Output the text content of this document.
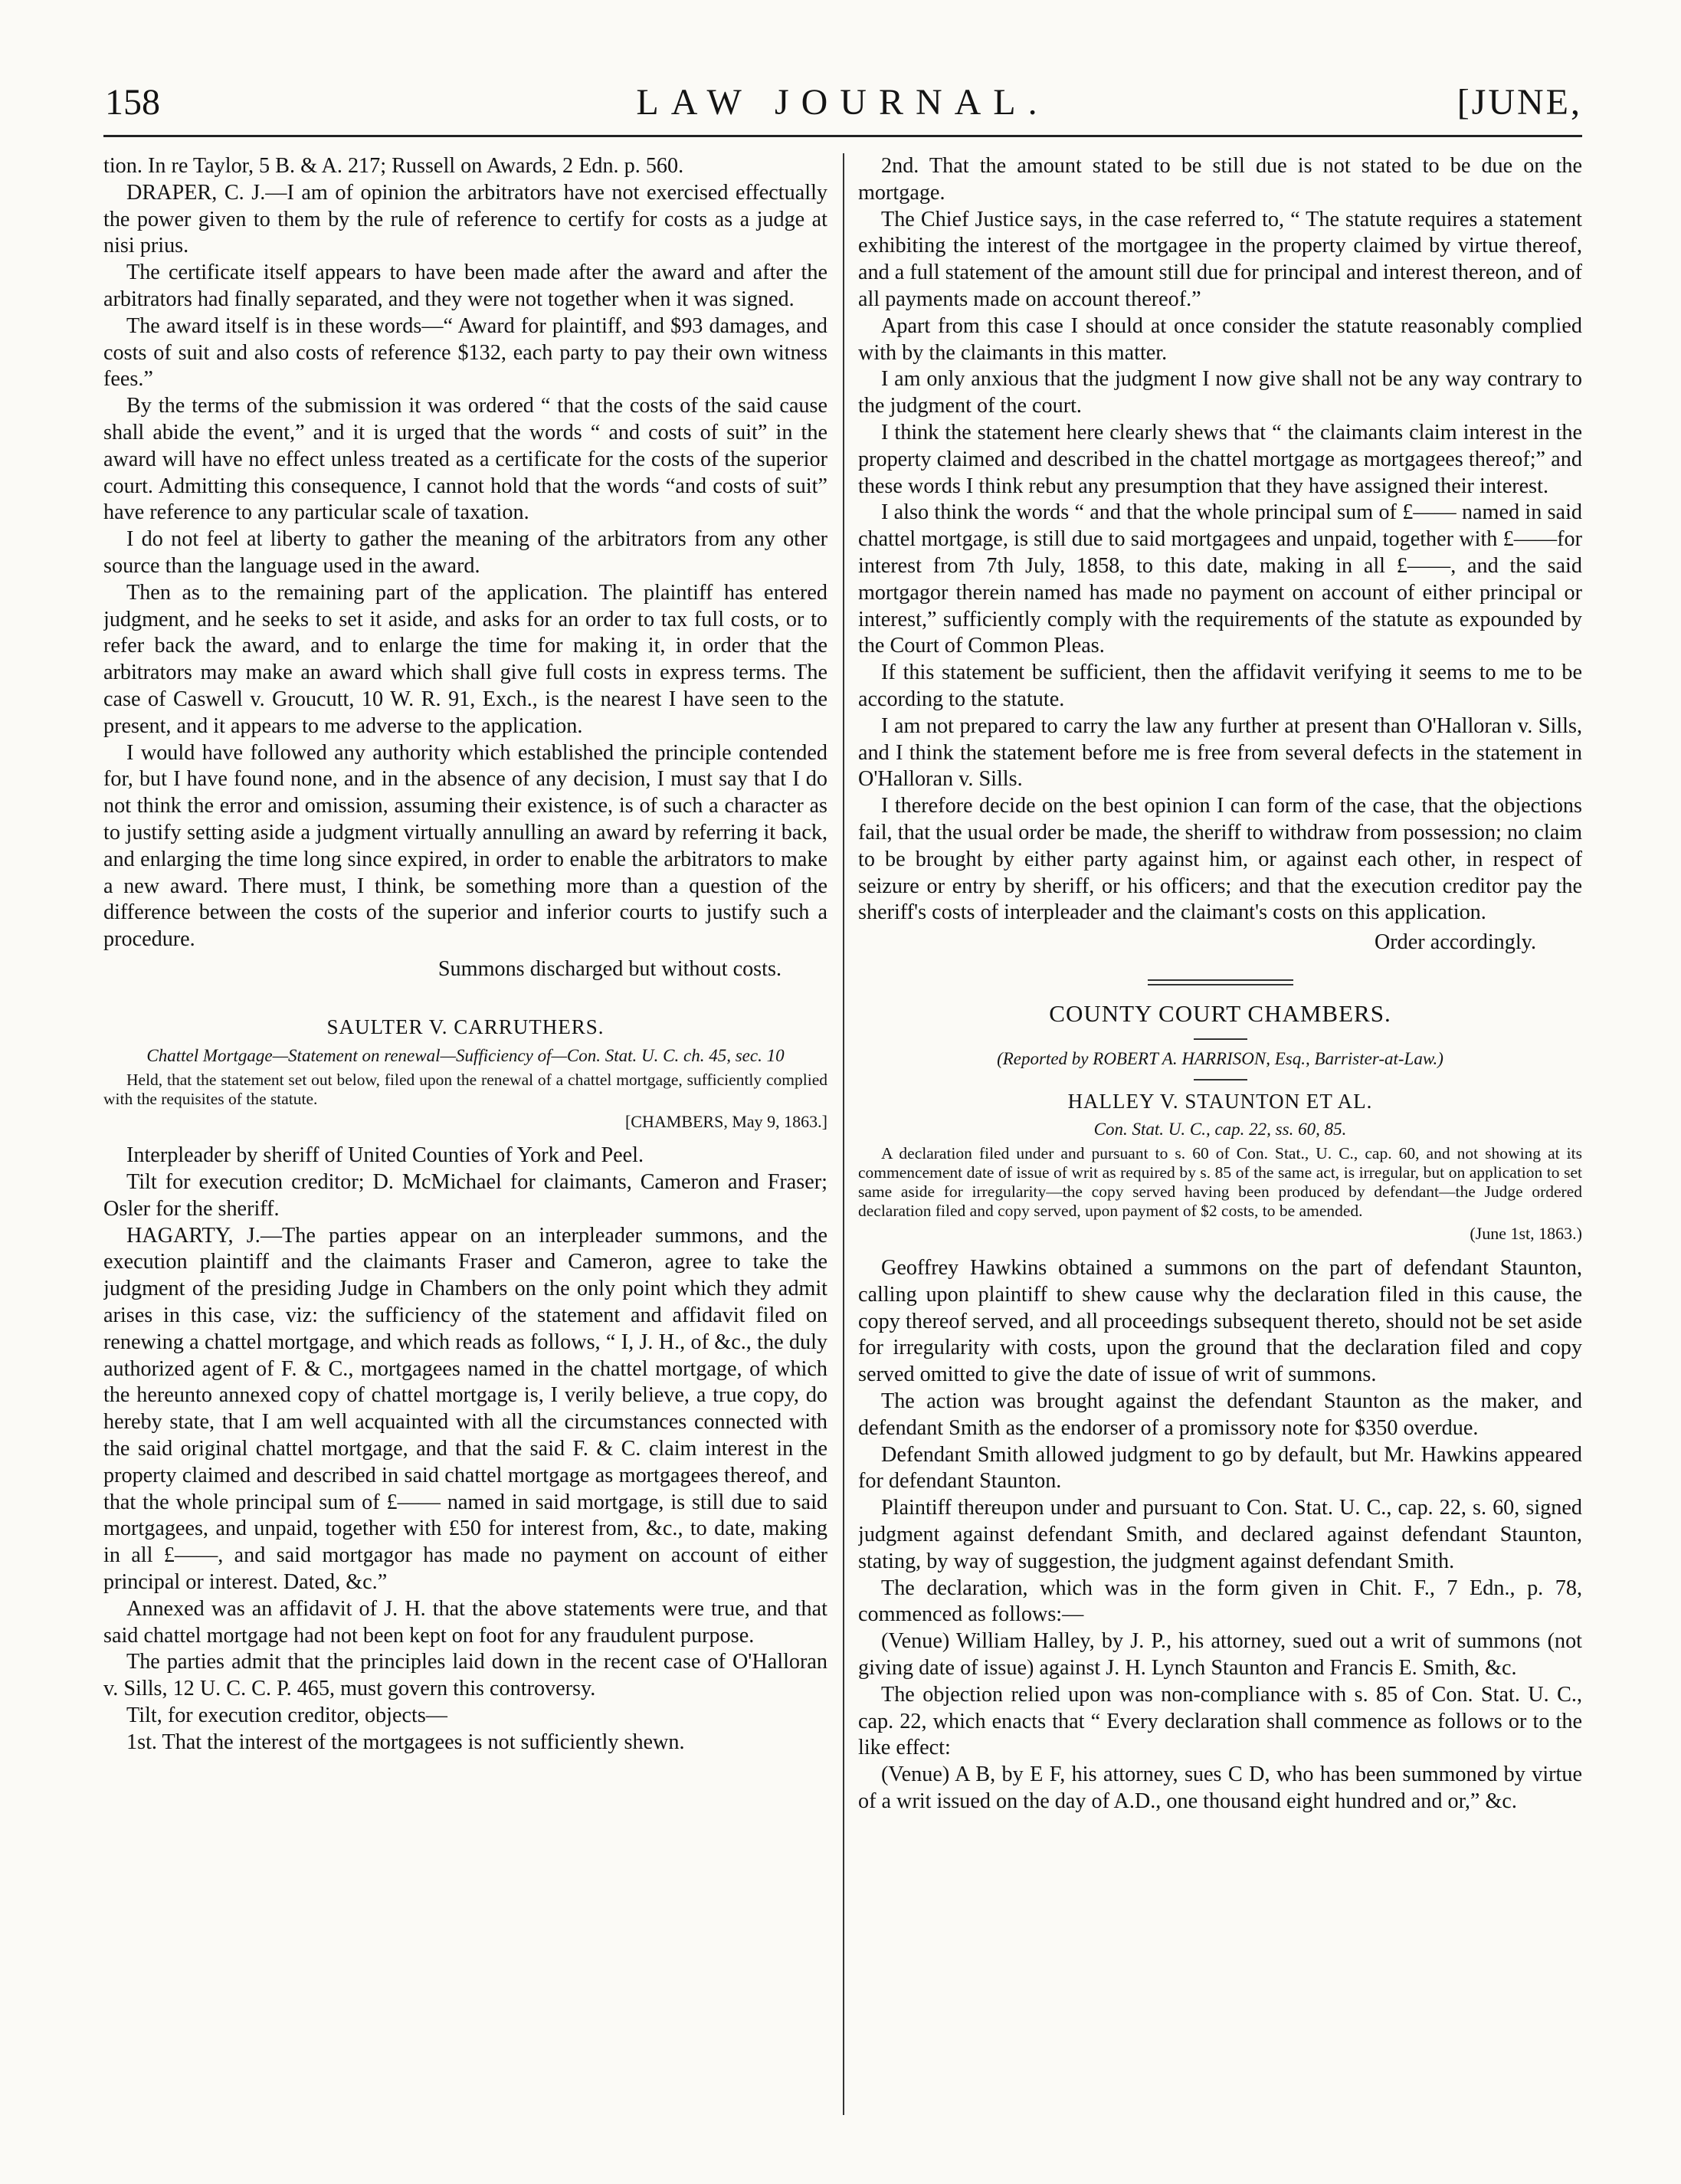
158	LAW JOURNAL.	[JUNE,

tion. In re Taylor, 5 B. & A. 217; Russell on Awards, 2 Edn. p. 560.

DRAPER, C. J.—I am of opinion the arbitrators have not exercised effectually the power given to them by the rule of reference to certify for costs as a judge at nisi prius.

The certificate itself appears to have been made after the award and after the arbitrators had finally separated, and they were not together when it was signed.

The award itself is in these words—“ Award for plaintiff, and $93 damages, and costs of suit and also costs of reference $132, each party to pay their own witness fees.”

By the terms of the submission it was ordered “ that the costs of the said cause shall abide the event,” and it is urged that the words “ and costs of suit” in the award will have no effect unless treated as a certificate for the costs of the superior court. Admitting this consequence, I cannot hold that the words “and costs of suit” have reference to any particular scale of taxation.

I do not feel at liberty to gather the meaning of the arbitrators from any other source than the language used in the award.

Then as to the remaining part of the application. The plaintiff has entered judgment, and he seeks to set it aside, and asks for an order to tax full costs, or to refer back the award, and to enlarge the time for making it, in order that the arbitrators may make an award which shall give full costs in express terms. The case of Caswell v. Groucutt, 10 W. R. 91, Exch., is the nearest I have seen to the present, and it appears to me adverse to the application.

I would have followed any authority which established the principle contended for, but I have found none, and in the absence of any decision, I must say that I do not think the error and omission, assuming their existence, is of such a character as to justify setting aside a judgment virtually annulling an award by referring it back, and enlarging the time long since expired, in order to enable the arbitrators to make a new award. There must, I think, be something more than a question of the difference between the costs of the superior and inferior courts to justify such a procedure.

Summons discharged but without costs.
SAULTER V. CARRUTHERS.
Chattel Mortgage—Statement on renewal—Sufficiency of—Con. Stat. U. C. ch. 45, sec. 10

Held, that the statement set out below, filed upon the renewal of a chattel mortgage, sufficiently complied with the requisites of the statute.

[CHAMBERS, May 9, 1863.]

Interpleader by sheriff of United Counties of York and Peel.

Tilt for execution creditor; D. McMichael for claimants, Cameron and Fraser; Osler for the sheriff.

HAGARTY, J.—The parties appear on an interpleader summons, and the execution plaintiff and the claimants Fraser and Cameron, agree to take the judgment of the presiding Judge in Chambers on the only point which they admit arises in this case, viz: the sufficiency of the statement and affidavit filed on renewing a chattel mortgage, and which reads as follows, “ I, J. H., of &c., the duly authorized agent of F. & C., mortgagees named in the chattel mortgage, of which the hereunto annexed copy of chattel mortgage is, I verily believe, a true copy, do hereby state, that I am well acquainted with all the circumstances connected with the said original chattel mortgage, and that the said F. & C. claim interest in the property claimed and described in said chattel mortgage as mortgagees thereof, and that the whole principal sum of £—— named in said mortgage, is still due to said mortgagees, and unpaid, together with £50 for interest from, &c., to date, making in all £——, and said mortgagor has made no payment on account of either principal or interest. Dated, &c.”

Annexed was an affidavit of J. H. that the above statements were true, and that said chattel mortgage had not been kept on foot for any fraudulent purpose.

The parties admit that the principles laid down in the recent case of O'Halloran v. Sills, 12 U. C. C. P. 465, must govern this controversy.

Tilt, for execution creditor, objects—

1st. That the interest of the mortgagees is not sufficiently shewn.

2nd. That the amount stated to be still due is not stated to be due on the mortgage.

The Chief Justice says, in the case referred to, “ The statute requires a statement exhibiting the interest of the mortgagee in the property claimed by virtue thereof, and a full statement of the amount still due for principal and interest thereon, and of all payments made on account thereof.”

Apart from this case I should at once consider the statute reasonably complied with by the claimants in this matter.

I am only anxious that the judgment I now give shall not be any way contrary to the judgment of the court.

I think the statement here clearly shews that “ the claimants claim interest in the property claimed and described in the chattel mortgage as mortgagees thereof;” and these words I think rebut any presumption that they have assigned their interest.

I also think the words “ and that the whole principal sum of £—— named in said chattel mortgage, is still due to said mortgagees and unpaid, together with £——for interest from 7th July, 1858, to this date, making in all £——, and the said mortgagor therein named has made no payment on account of either principal or interest,” sufficiently comply with the requirements of the statute as expounded by the Court of Common Pleas.

If this statement be sufficient, then the affidavit verifying it seems to me to be according to the statute.

I am not prepared to carry the law any further at present than O'Halloran v. Sills, and I think the statement before me is free from several defects in the statement in O'Halloran v. Sills.

I therefore decide on the best opinion I can form of the case, that the objections fail, that the usual order be made, the sheriff to withdraw from possession; no claim to be brought by either party against him, or against each other, in respect of seizure or entry by sheriff, or his officers; and that the execution creditor pay the sheriff's costs of interpleader and the claimant's costs on this application.

Order accordingly.
COUNTY COURT CHAMBERS.
(Reported by ROBERT A. HARRISON, Esq., Barrister-at-Law.)
HALLEY V. STAUNTON ET AL.
Con. Stat. U. C., cap. 22, ss. 60, 85.

A declaration filed under and pursuant to s. 60 of Con. Stat., U. C., cap. 60, and not showing at its commencement date of issue of writ as required by s. 85 of the same act, is irregular, but on application to set same aside for irregularity—the copy served having been produced by defendant—the Judge ordered declaration filed and copy served, upon payment of $2 costs, to be amended.

(June 1st, 1863.)

Geoffrey Hawkins obtained a summons on the part of defendant Staunton, calling upon plaintiff to shew cause why the declaration filed in this cause, the copy thereof served, and all proceedings subsequent thereto, should not be set aside for irregularity with costs, upon the ground that the declaration filed and copy served omitted to give the date of issue of writ of summons.

The action was brought against the defendant Staunton as the maker, and defendant Smith as the endorser of a promissory note for $350 overdue.

Defendant Smith allowed judgment to go by default, but Mr. Hawkins appeared for defendant Staunton.

Plaintiff thereupon under and pursuant to Con. Stat. U. C., cap. 22, s. 60, signed judgment against defendant Smith, and declared against defendant Staunton, stating, by way of suggestion, the judgment against defendant Smith.

The declaration, which was in the form given in Chit. F., 7 Edn., p. 78, commenced as follows:—

(Venue) William Halley, by J. P., his attorney, sued out a writ of summons (not giving date of issue) against J. H. Lynch Staunton and Francis E. Smith, &c.

The objection relied upon was non-compliance with s. 85 of Con. Stat. U. C., cap. 22, which enacts that “ Every declaration shall commence as follows or to the like effect:

(Venue) A B, by E F, his attorney, sues C D, who has been summoned by virtue of a writ issued on the day of A.D., one thousand eight hundred and or,” &c.
